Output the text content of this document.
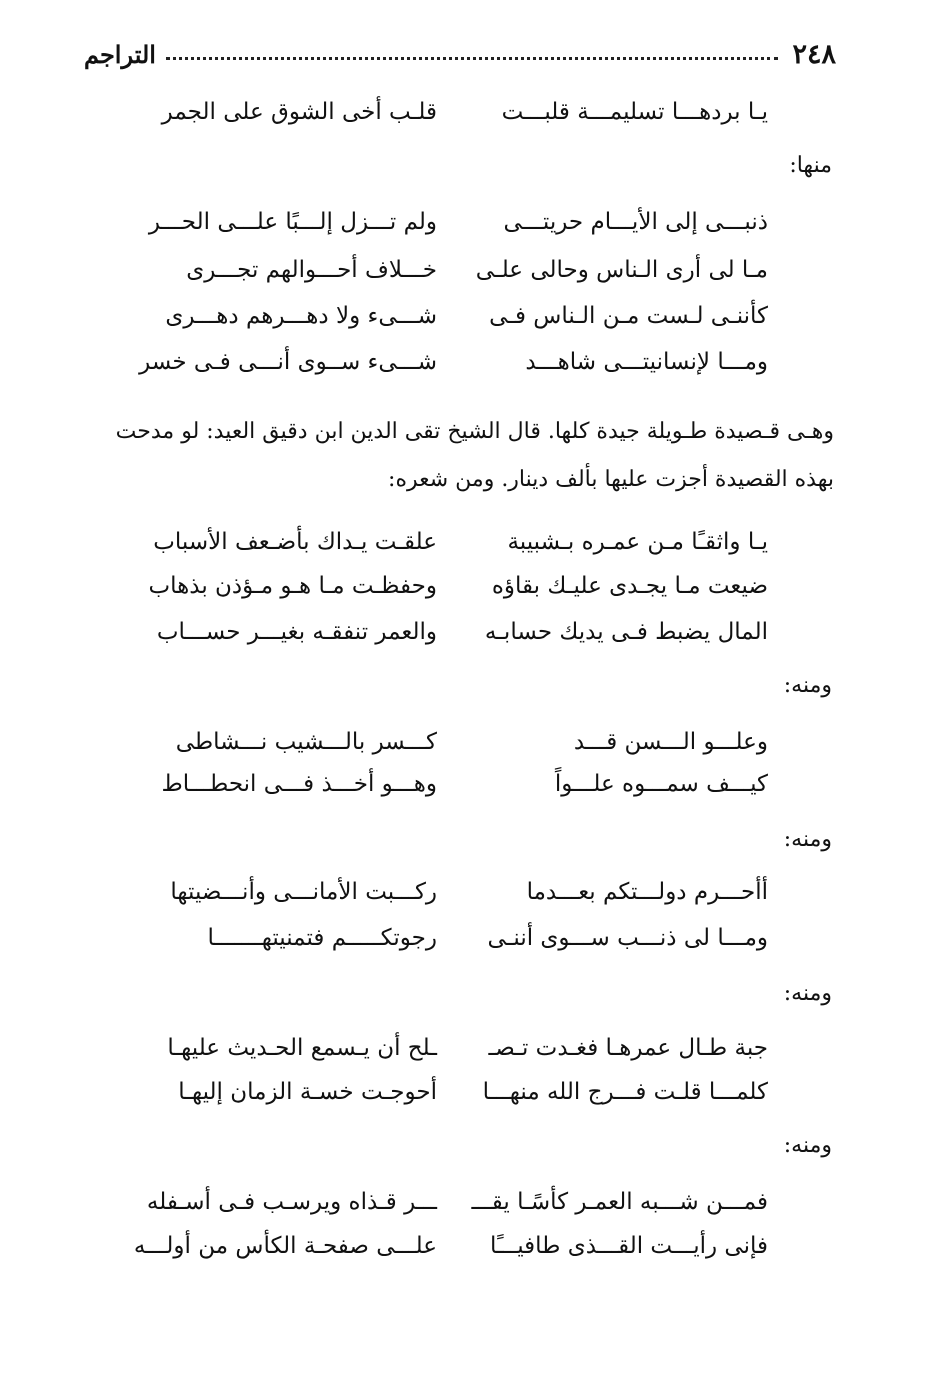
٢٤٨
التراجم
يـا بردهـــا تسليمـــة قلبـــت
قلـب أخى الشوق على الجمر
منها:
ذنبـــى إلى الأيـــام حريتـــى
ولم تـــزل إلـــبًا علـــى الحـــر
مـا لى أرى الـناس وحالى علـى
خـــلاف أحـــوالهم تجـــرى
كأننـى لـست مـن الـناس فـى
شـــىء ولا دهـــرهم دهـــرى
ومـــا لإنسانيتـــى شاهـــد
شـــىء ســوى أنـــى فـى خسر
وهـى قـصيدة طـويلة جيدة كلها. قال الشيخ تقى الدين ابن دقيق العيد: لو مدحت
بهذه القصيدة أجزت عليها بألف دينار. ومن شعره:
يـا واثقـًا مـن عمـره بـشبيبة
علقـت يـداك بأضـعف الأسباب
ضيعت مـا يجـدى عليـك بقاؤه
وحفظـت مـا هـو مـؤذن بذهاب
المال يضبط فـى يديك حسابـه
والعمر تنفقـه بغيـــر حســـاب
ومنه:
وعلـــو الـــسن قـــد
كـــسر بالـــشيب نـــشاطى
كيـــف سمـــوه علـــواً
وهـــو أخـــذ فـــى انحطـــاط
ومنه:
أأحـــرم دولـــتكم بعـــدما
ركـــبت الأمانـــى وأنـــضيتها
ومـــا لى ذنـــب ســـوى أننـى
رجوتكـــــم فتمنيتهـــــــا
ومنه:
جبة طـال عمرهـا فغـدت تـصـ
ـلح أن يـسمع الحـديث عليهـا
كلمـــا قلـت فـــرج الله منهـــا
أحوجـت خسـة الزمان إليهـا
ومنه:
فمـــن شـــبه العمـر كأسًـا يقـــ
ـــر قـذاه ويرسـب فـى أسـفله
فإنى رأيـــت القـــذى طافيـــًا
علـــى صفحـة الكأس من أولـــه
